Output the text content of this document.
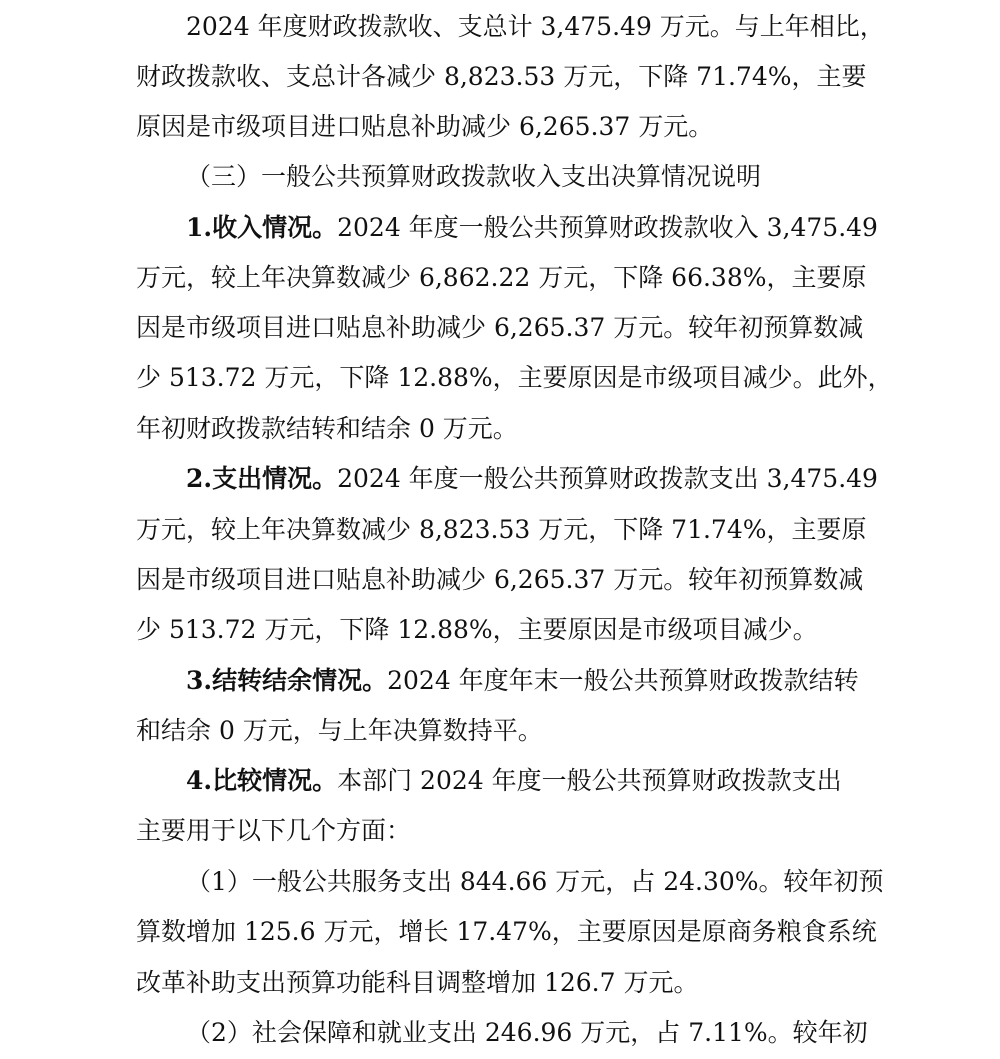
2024 年度财政拨款收、支总计 3,475.49 万元。与上年相比，
财政拨款收、支总计各减少 8,823.53 万元，下降 71.74%，主要
原因是市级项目进口贴息补助减少 6,265.37 万元。
（三）一般公共预算财政拨款收入支出决算情况说明
1.收入情况。2024 年度一般公共预算财政拨款收入 3,475.49
万元，较上年决算数减少 6,862.22 万元，下降 66.38%，主要原
因是市级项目进口贴息补助减少 6,265.37 万元。较年初预算数减
少 513.72 万元，下降 12.88%，主要原因是市级项目减少。此外，
年初财政拨款结转和结余 0 万元。
2.支出情况。2024 年度一般公共预算财政拨款支出 3,475.49
万元，较上年决算数减少 8,823.53 万元，下降 71.74%，主要原
因是市级项目进口贴息补助减少 6,265.37 万元。较年初预算数减
少 513.72 万元，下降 12.88%，主要原因是市级项目减少。
3.结转结余情况。2024 年度年末一般公共预算财政拨款结转
和结余 0 万元，与上年决算数持平。
4.比较情况。本部门 2024 年度一般公共预算财政拨款支出
主要用于以下几个方面：
（1）一般公共服务支出 844.66 万元，占 24.30%。较年初预
算数增加 125.6 万元，增长 17.47%，主要原因是原商务粮食系统
改革补助支出预算功能科目调整增加 126.7 万元。
（2）社会保障和就业支出 246.96 万元，占 7.11%。较年初
